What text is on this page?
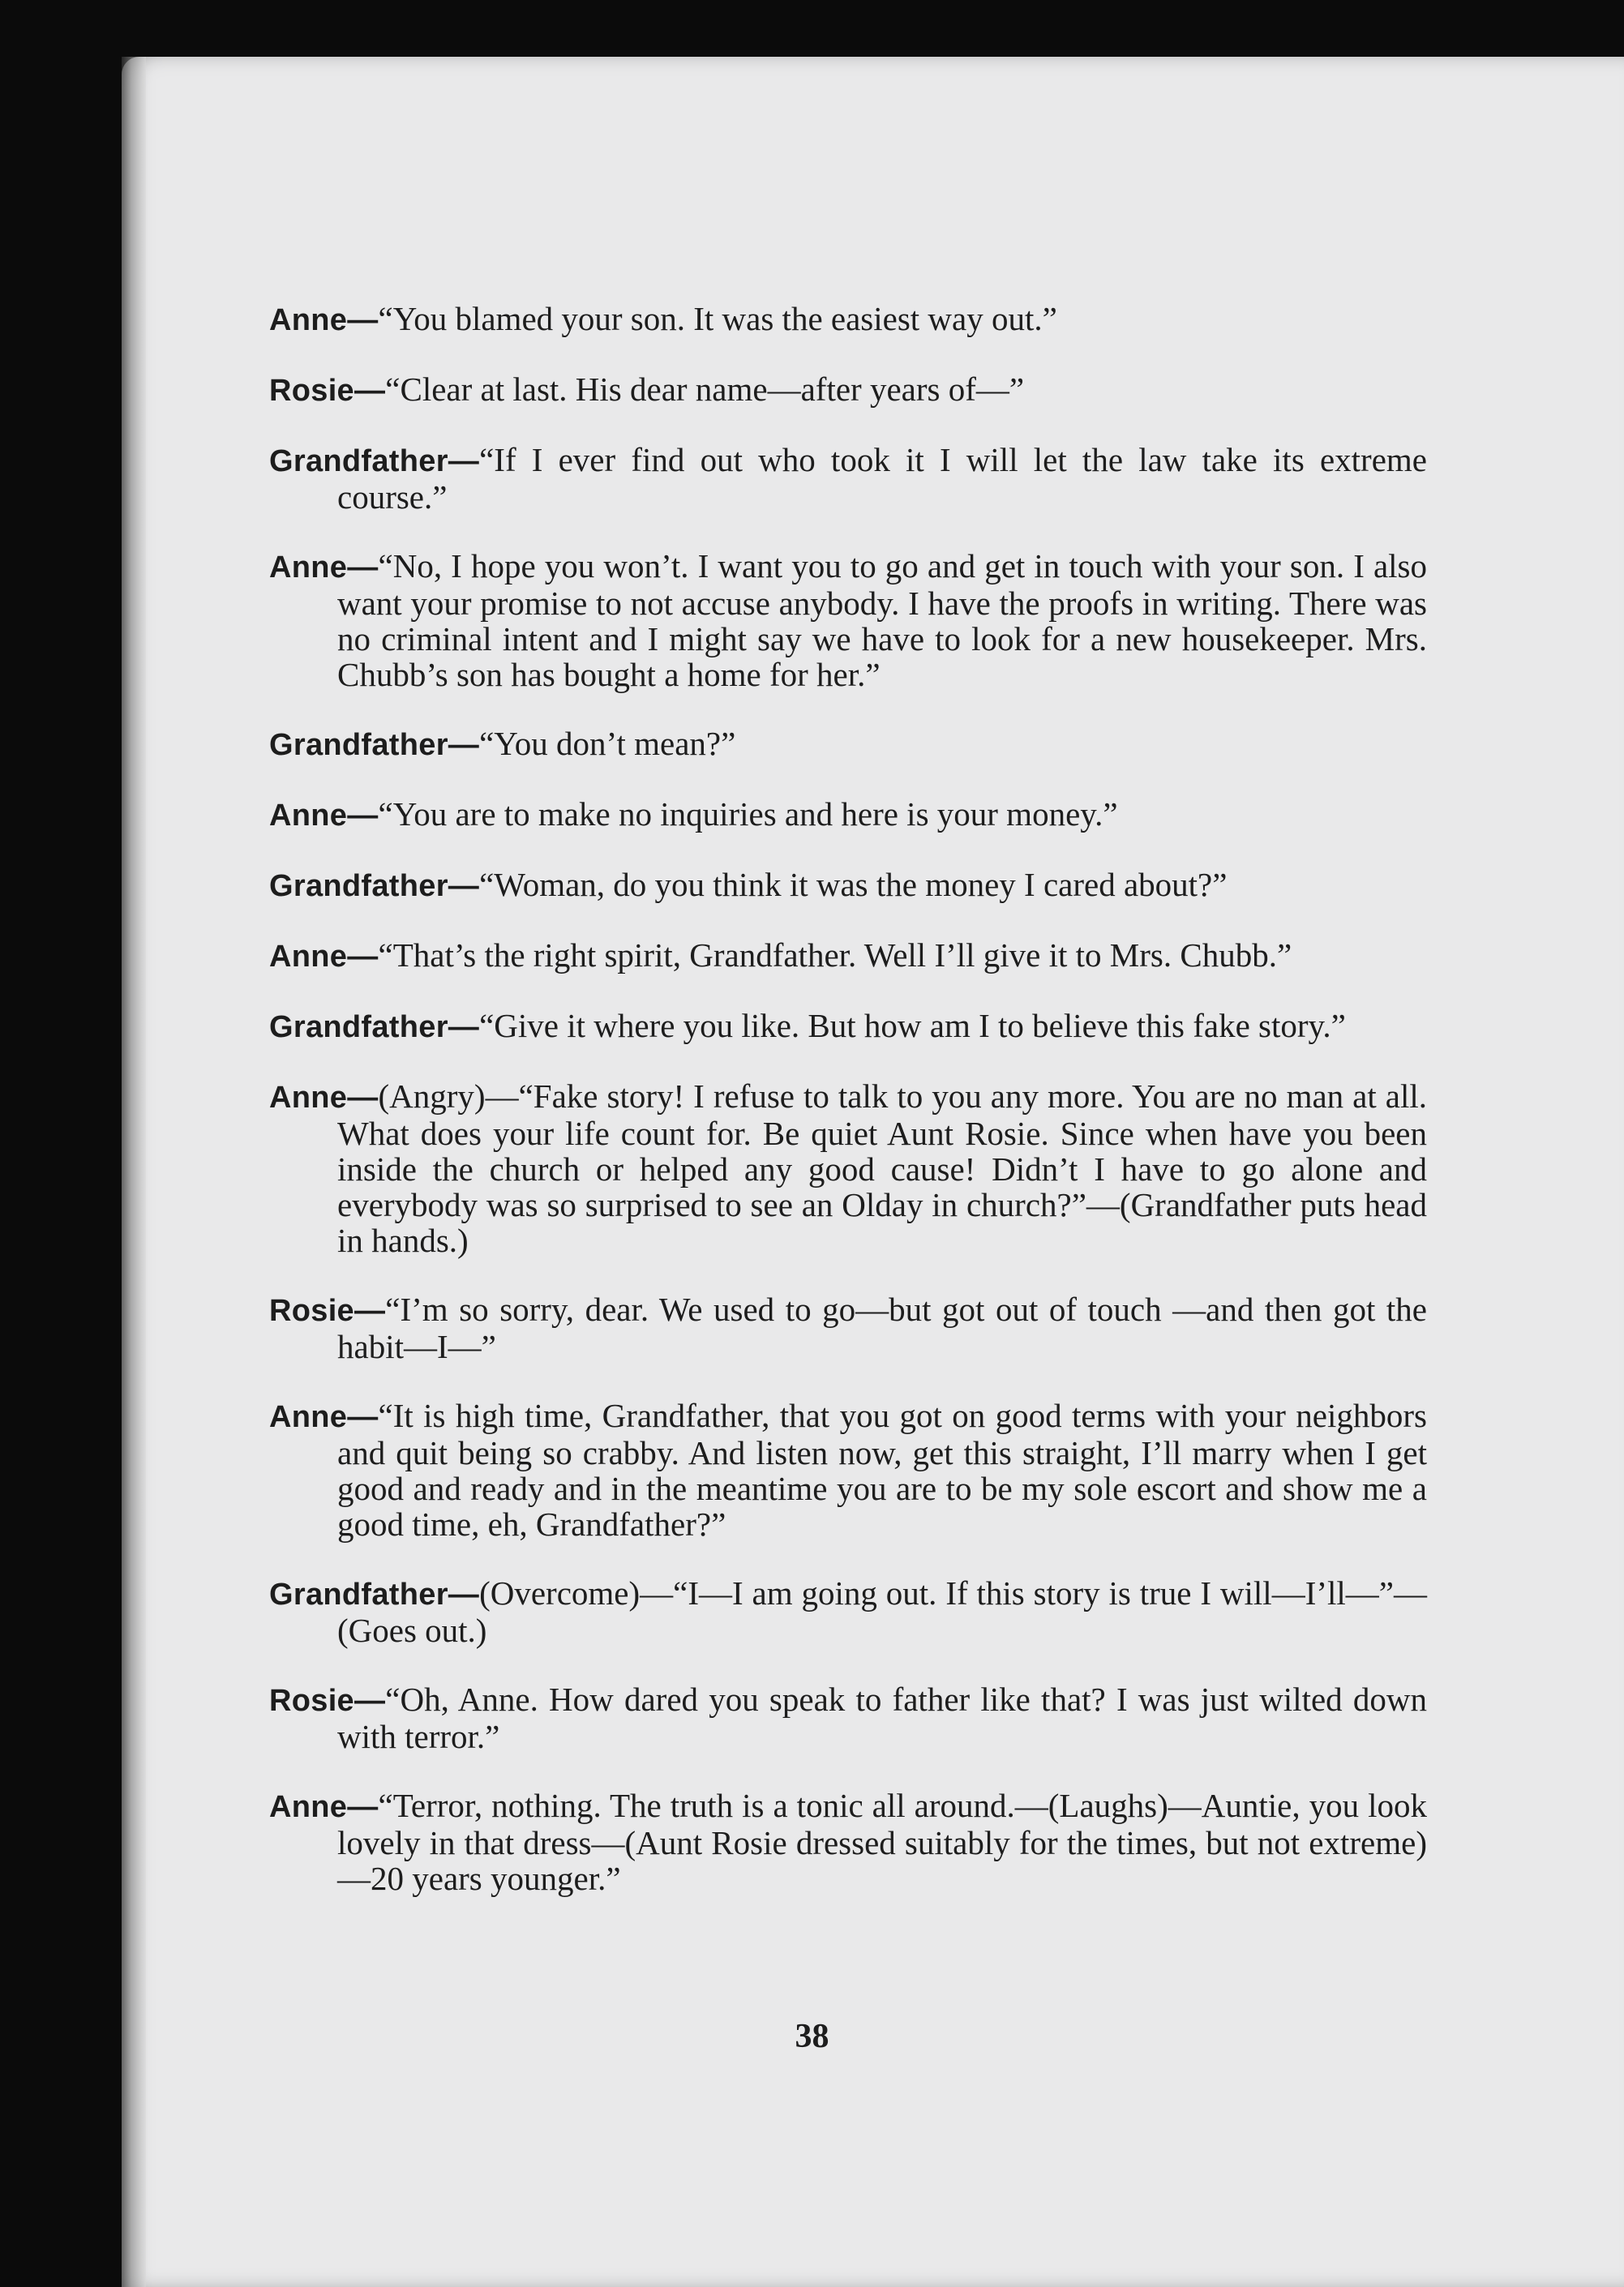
Anne—“You blamed your son. It was the easiest way out.”

Rosie—“Clear at last. His dear name—after years of—”

Grandfather—“If I ever find out who took it I will let the law take its extreme course.”

Anne—“No, I hope you won’t. I want you to go and get in touch with your son. I also want your promise to not accuse anybody. I have the proofs in writing. There was no criminal intent and I might say we have to look for a new housekeeper. Mrs. Chubb’s son has bought a home for her.”

Grandfather—“You don’t mean?”

Anne—“You are to make no inquiries and here is your money.”

Grandfather—“Woman, do you think it was the money I cared about?”

Anne—“That’s the right spirit, Grandfather. Well I’ll give it to Mrs. Chubb.”

Grandfather—“Give it where you like. But how am I to believe this fake story.”

Anne—(Angry)—“Fake story! I refuse to talk to you any more. You are no man at all. What does your life count for. Be quiet Aunt Rosie. Since when have you been inside the church or helped any good cause! Didn’t I have to go alone and everybody was so surprised to see an Olday in church?”—(Grandfather puts head in hands.)

Rosie—“I’m so sorry, dear. We used to go—but got out of touch —and then got the habit—I—”

Anne—“It is high time, Grandfather, that you got on good terms with your neighbors and quit being so crabby. And listen now, get this straight, I’ll marry when I get good and ready and in the meantime you are to be my sole escort and show me a good time, eh, Grandfather?”

Grandfather—(Overcome)—“I—I am going out. If this story is true I will—I’ll—”—(Goes out.)

Rosie—“Oh, Anne. How dared you speak to father like that? I was just wilted down with terror.”

Anne—“Terror, nothing. The truth is a tonic all around.—(Laughs)—Auntie, you look lovely in that dress—(Aunt Rosie dressed suitably for the times, but not extreme)—20 years younger.”

38
